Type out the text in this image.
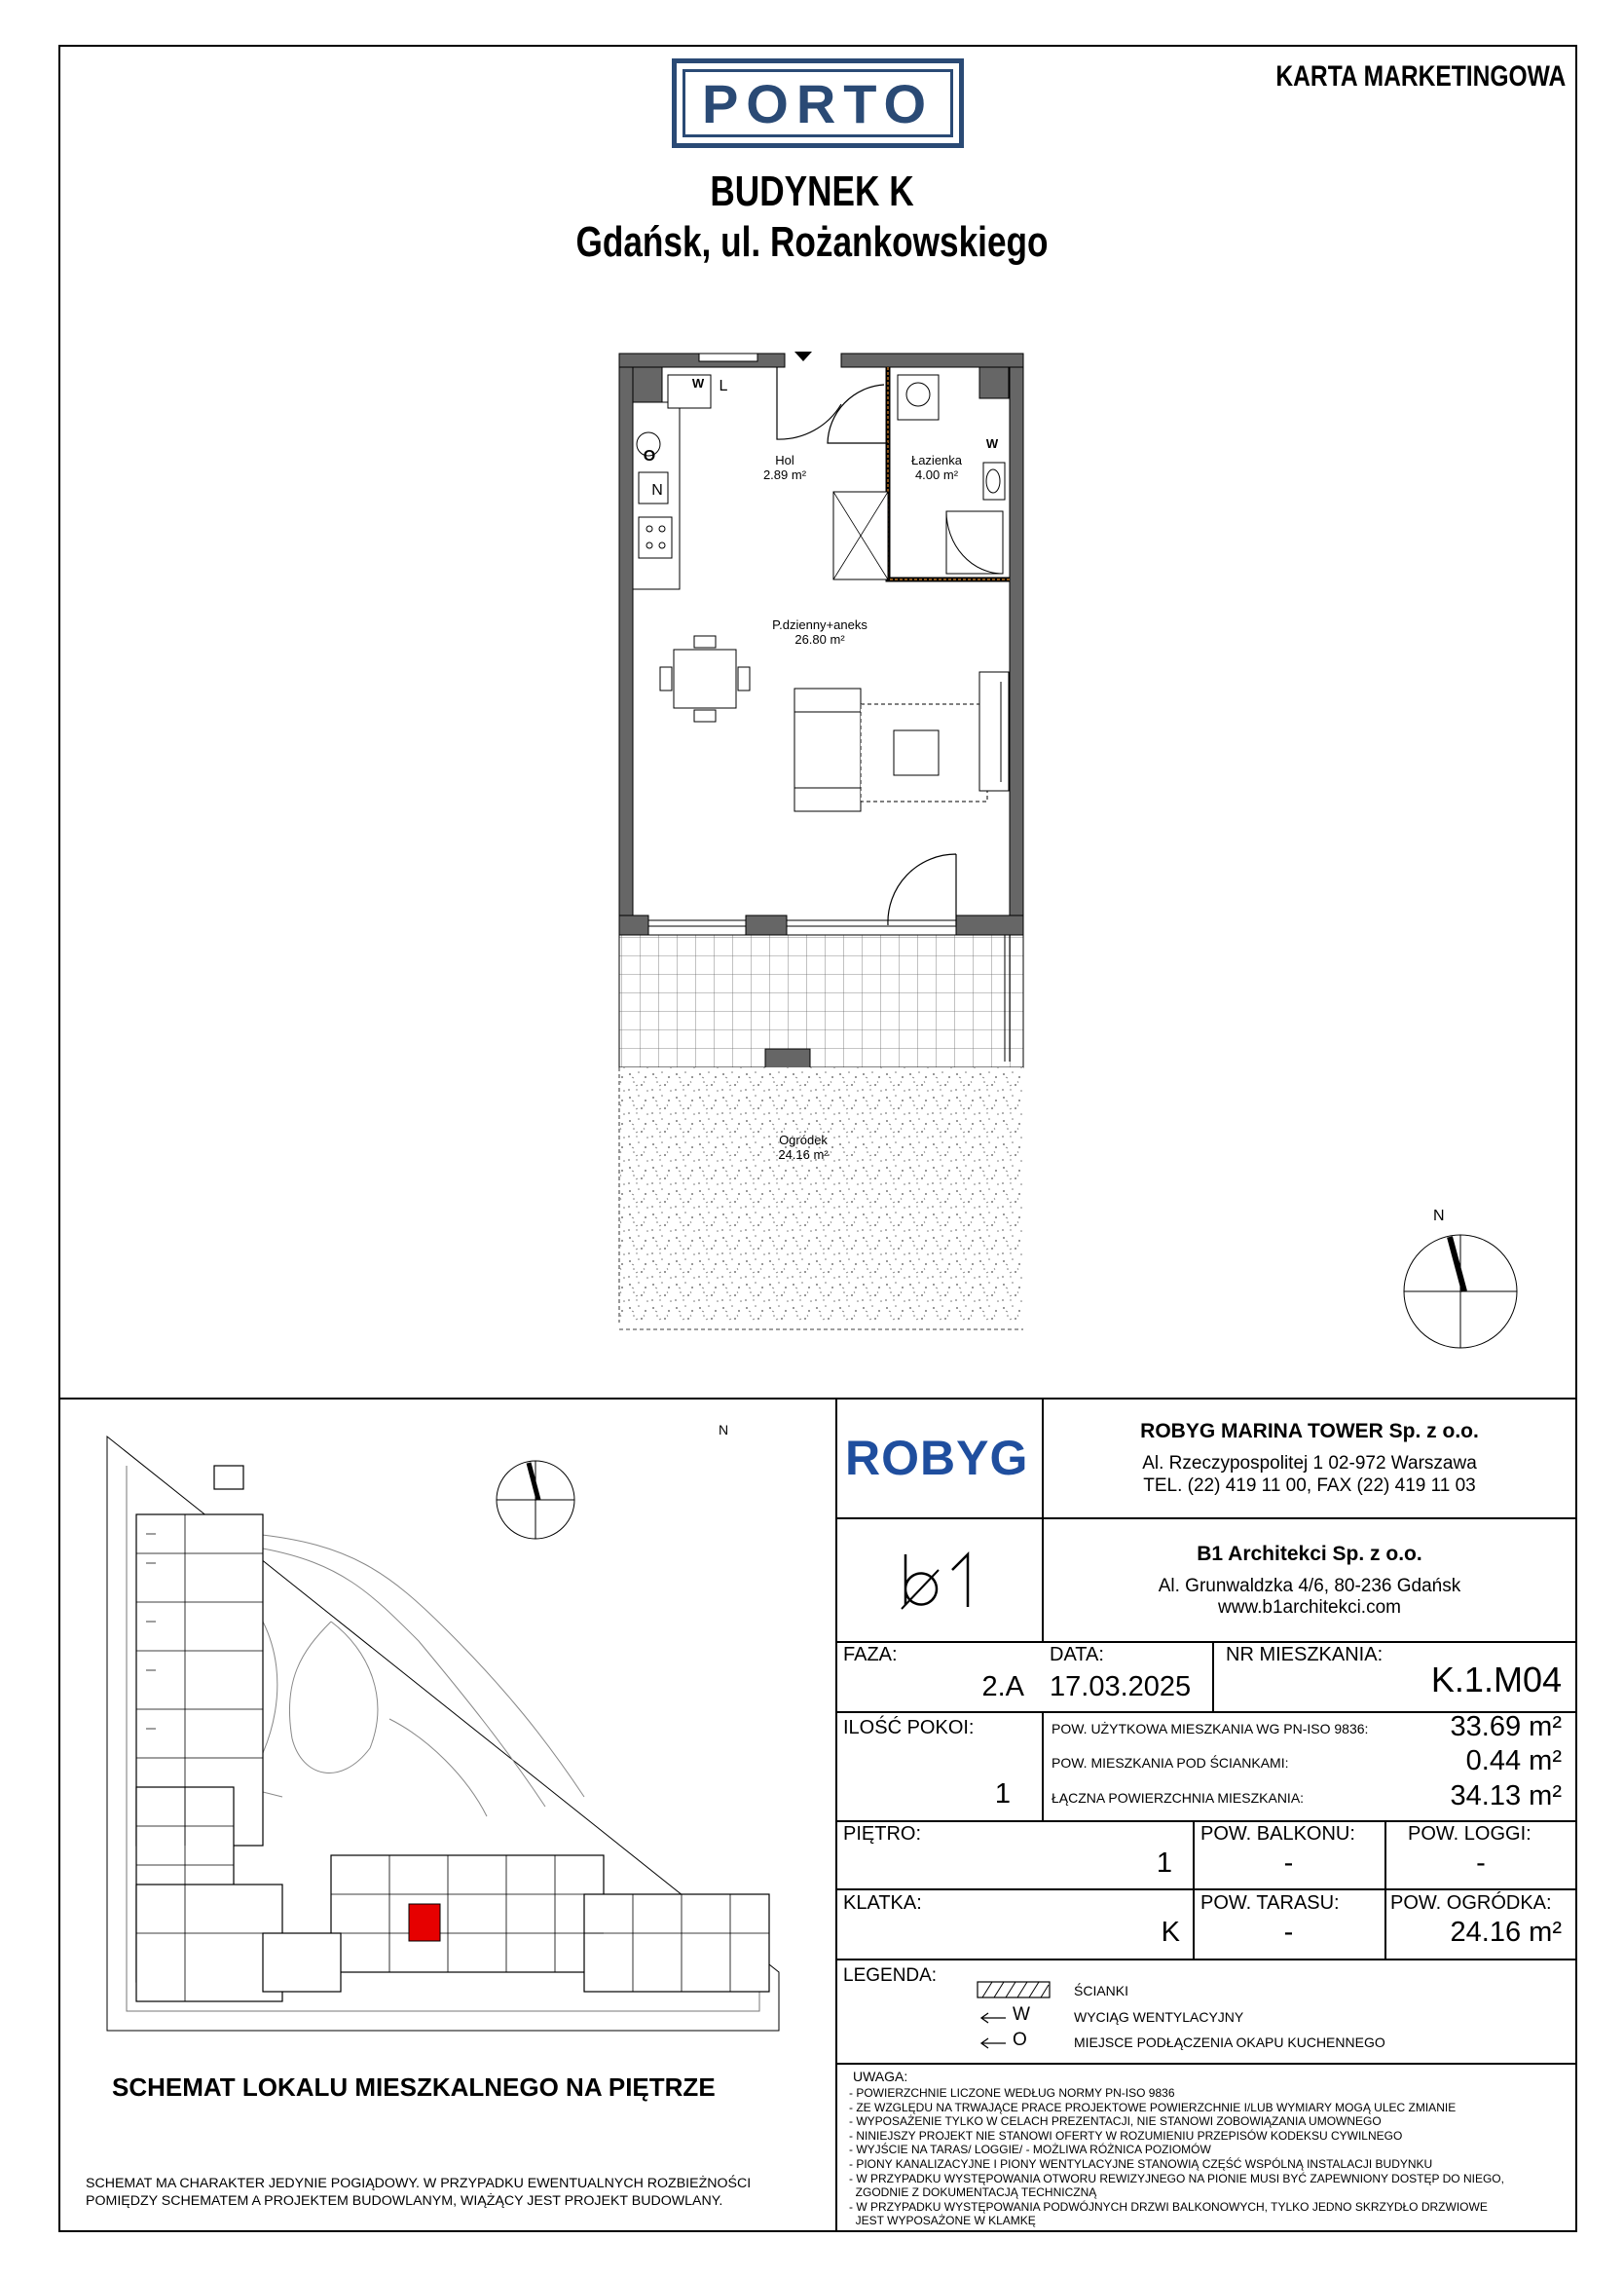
PORTO	KARTA MARKETINGOWA
BUDYNEK K
Gdańsk, ul. Rożankowskiego
Hol
2.89 m²
Łazienka
4.00 m²
P.dzienny+aneks
26.80 m²
Ogródek
24.16 m²
W L
O
N
W
N
N
SCHEMAT LOKALU MIESZKALNEGO NA PIĘTRZE
SCHEMAT MA CHARAKTER JEDYNIE POGIĄDOWY. W PRZYPADKU EWENTUALNYCH ROZBIEŻNOŚCI
POMIĘDZY SCHEMATEM A PROJEKTEM BUDOWLANYM, WIĄŻĄCY JEST PROJEKT BUDOWLANY.
ROBYG	ROBYG MARINA TOWER Sp. z o.o.
Al. Rzeczypospolitej 1 02-972 Warszawa
TEL. (22) 419 11 00, FAX (22) 419 11 03
B1 Architekci Sp. z o.o.
Al. Grunwaldzka 4/6, 80-236 Gdańsk
www.b1architekci.com
FAZA:
2.A
DATA:
17.03.2025
NR MIESZKANIA:
K.1.M04
ILOŚĆ POKOI:
1
POW. UŻYTKOWA MIESZKANIA WG PN-ISO 9836:	33.69 m²
POW. MIESZKANIA POD ŚCIANKAMI:	0.44 m²
ŁĄCZNA POWIERZCHNIA MIESZKANIA:	34.13 m²
PIĘTRO:
1
POW. BALKONU:
-
POW. LOGGI:
-
KLATKA:
K
POW. TARASU:
-
POW. OGRÓDKA:
24.16 m²
LEGENDA:
ŚCIANKI
W	WYCIĄG WENTYLACYJNY
O	MIEJSCE PODŁĄCZENIA OKAPU KUCHENNEGO
UWAGA:
- POWIERZCHNIE LICZONE WEDŁUG NORMY PN-ISO 9836
- ZE WZGLĘDU NA TRWAJĄCE PRACE PROJEKTOWE POWIERZCHNIE I/LUB WYMIARY MOGĄ ULEC ZMIANIE
- WYPOSAŻENIE TYLKO W CELACH PREZENTACJI, NIE STANOWI ZOBOWIĄZANIA UMOWNEGO
- NINIEJSZY PROJEKT NIE STANOWI OFERTY W ROZUMIENIU PRZEPISÓW KODEKSU CYWILNEGO
- WYJŚCIE NA TARAS/ LOGGIE/ - MOŻLIWA RÓŻNICA POZIOMÓW
- PIONY KANALIZACYJNE I PIONY WENTYLACYJNE STANOWIĄ CZĘŚĆ WSPÓLNĄ INSTALACJI BUDYNKU
- W PRZYPADKU WYSTĘPOWANIA OTWORU REWIZYJNEGO NA PIONIE MUSI BYĆ ZAPEWNIONY DOSTĘP DO NIEGO,
ZGODNIE Z DOKUMENTACJĄ TECHNICZNĄ
- W PRZYPADKU WYSTĘPOWANIA PODWÓJNYCH DRZWI BALKONOWYCH, TYLKO JEDNO SKRZYDŁO DRZWIOWE
JEST WYPOSAŻONE W KLAMKĘ
